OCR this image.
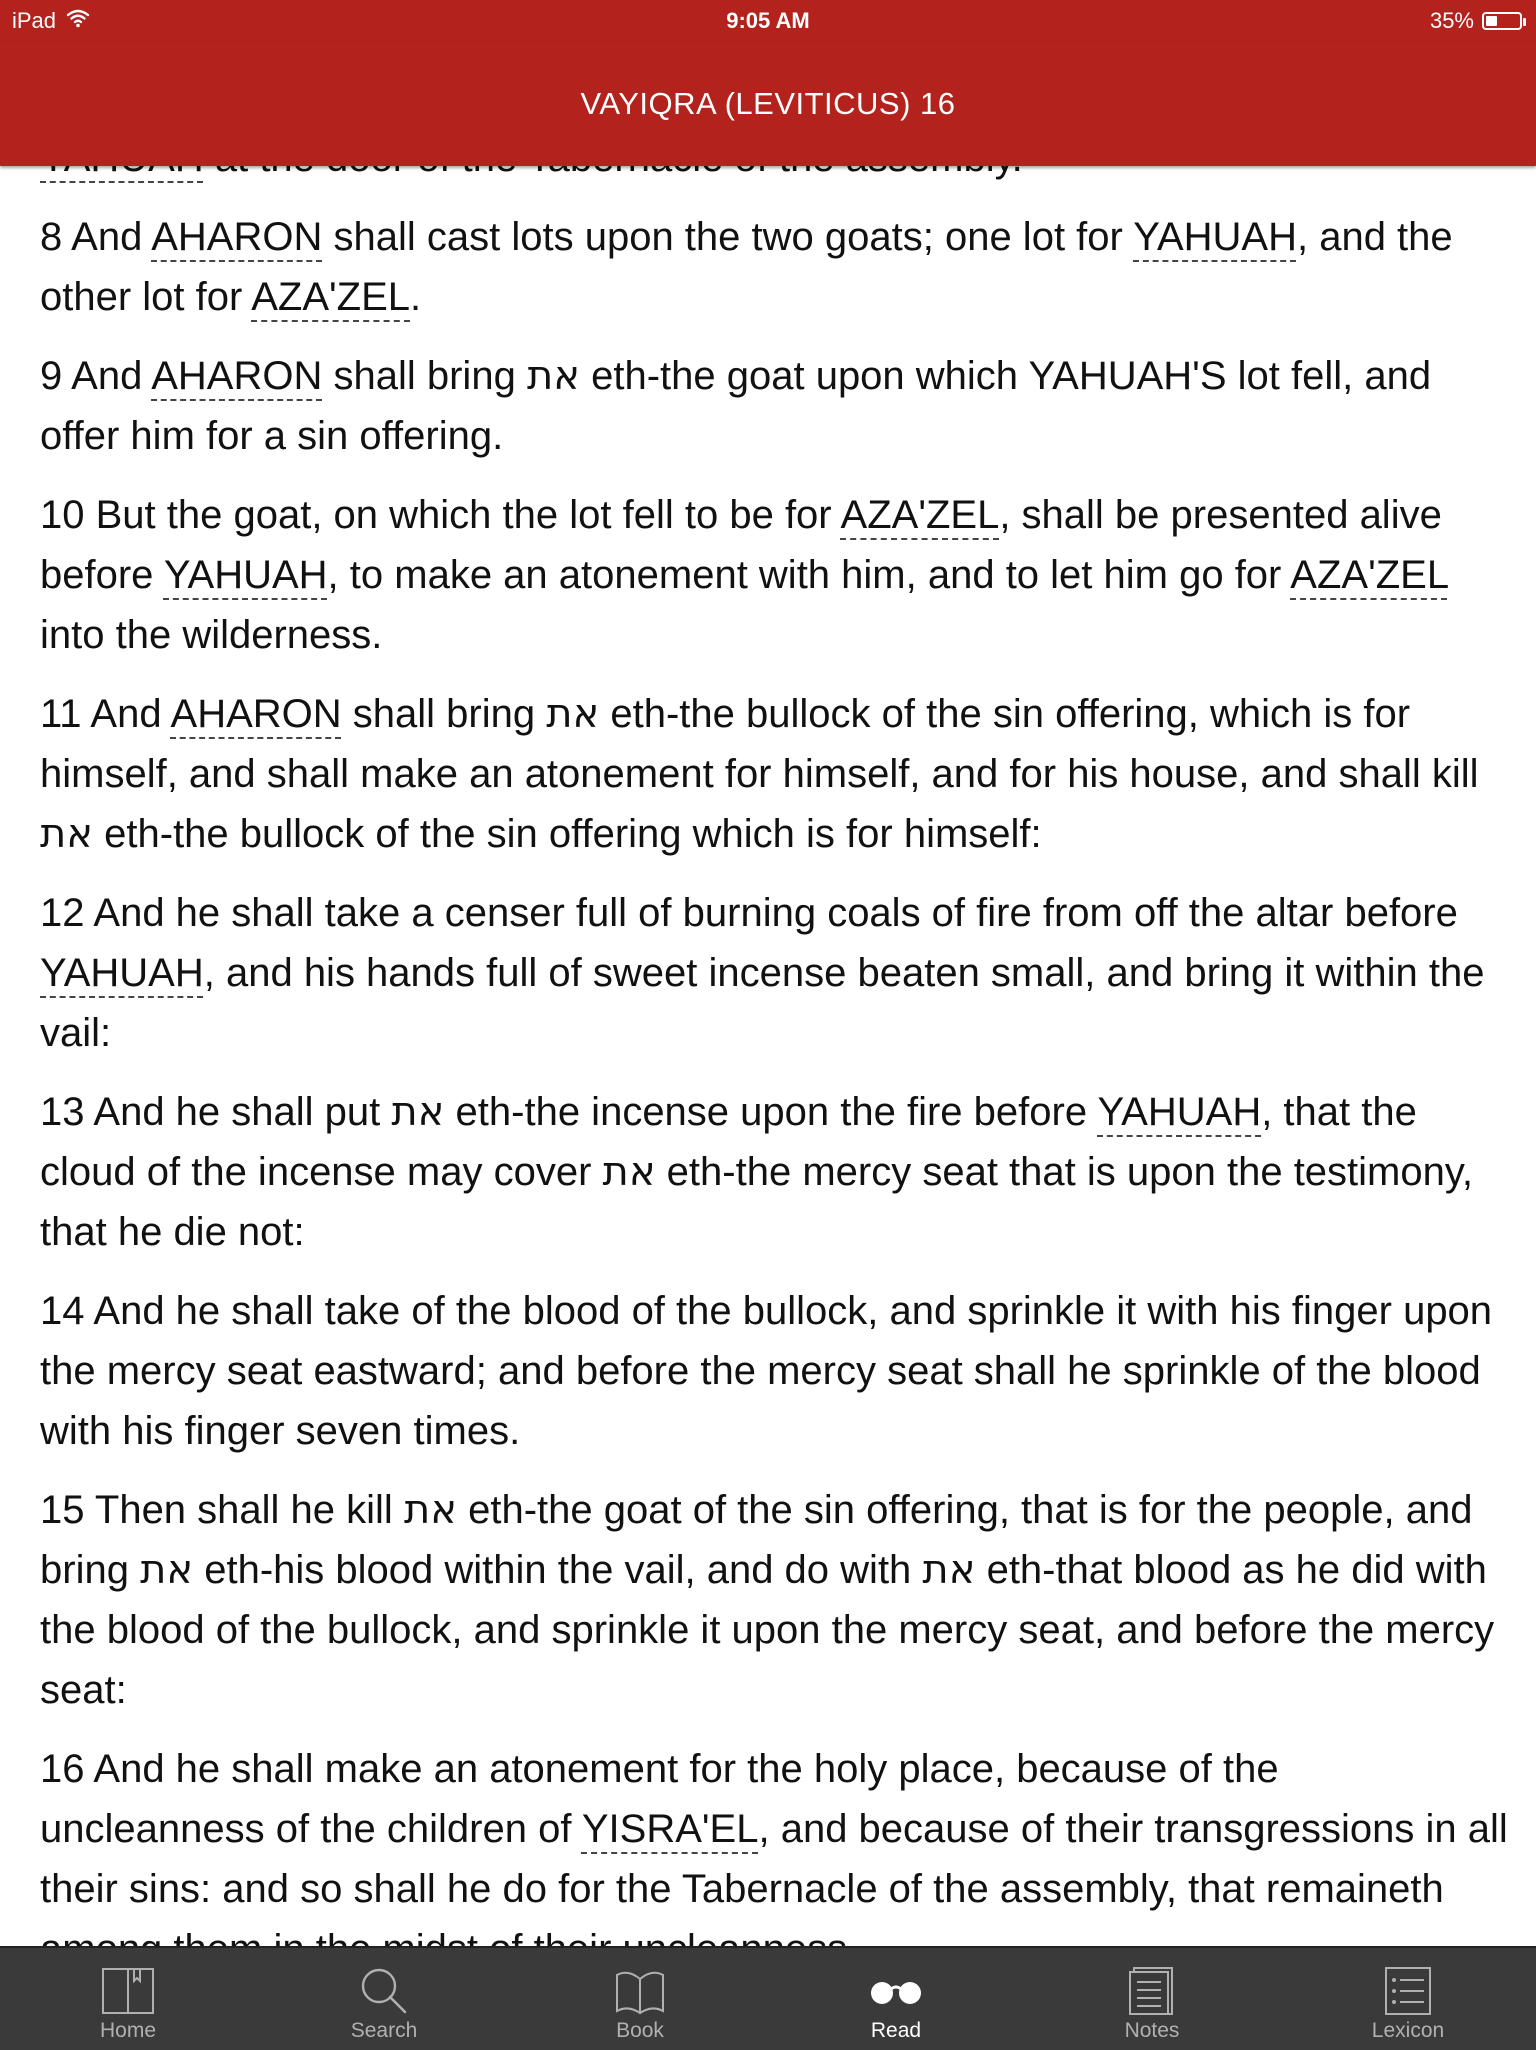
iPad	9:05 AM	35%
VAYIQRA (LEVITICUS) 16

8 And AHARON shall cast lots upon the two goats; one lot for YAHUAH, and the other lot for AZA'ZEL.

9 And AHARON shall bring את eth-the goat upon which YAHUAH'S lot fell, and offer him for a sin offering.

10 But the goat, on which the lot fell to be for AZA'ZEL, shall be presented alive before YAHUAH, to make an atonement with him, and to let him go for AZA'ZEL into the wilderness.

11 And AHARON shall bring את eth-the bullock of the sin offering, which is for himself, and shall make an atonement for himself, and for his house, and shall kill את eth-the bullock of the sin offering which is for himself:

12 And he shall take a censer full of burning coals of fire from off the altar before YAHUAH, and his hands full of sweet incense beaten small, and bring it within the vail:

13 And he shall put את eth-the incense upon the fire before YAHUAH, that the cloud of the incense may cover את eth-the mercy seat that is upon the testimony, that he die not:

14 And he shall take of the blood of the bullock, and sprinkle it with his finger upon the mercy seat eastward; and before the mercy seat shall he sprinkle of the blood with his finger seven times.

15 Then shall he kill את eth-the goat of the sin offering, that is for the people, and bring את eth-his blood within the vail, and do with את eth-that blood as he did with the blood of the bullock, and sprinkle it upon the mercy seat, and before the mercy seat:

16 And he shall make an atonement for the holy place, because of the uncleanness of the children of YISRA'EL, and because of their transgressions in all their sins: and so shall he do for the Tabernacle of the assembly, that remaineth

Home	Search	Book	Read	Notes	Lexicon
